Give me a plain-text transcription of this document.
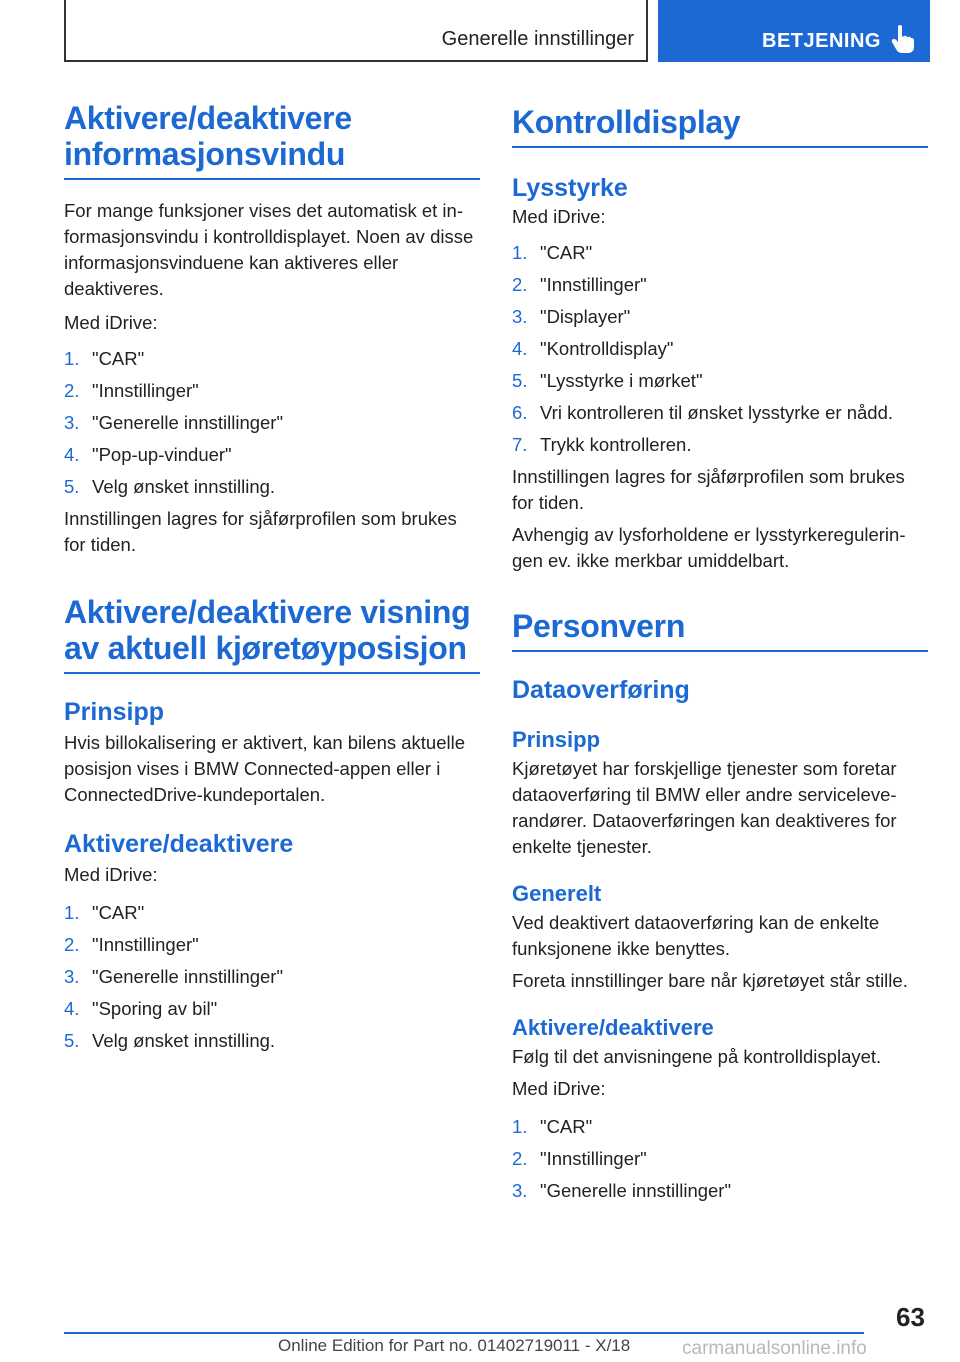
Generelle innstillinger	BETJENING
Aktivere/deaktivere informasjonsvindu

For mange funksjoner vises det automatisk et informasjonsvindu i kontrolldisplayet. Noen av disse informasjonsvinduene kan aktiveres eller deaktiveres.

Med iDrive:

1. "CAR"
2. "Innstillinger"
3. "Generelle innstillinger"
4. "Pop-up-vinduer"
5. Velg ønsket innstilling.

Innstillingen lagres for sjåførprofilen som brukes for tiden.

Aktivere/deaktivere visning av aktuell kjøretøyposisjon
Prinsipp

Hvis billokalisering er aktivert, kan bilens aktuelle posisjon vises i BMW Connected-appen eller i ConnectedDrive-kundeportalen.

Aktivere/deaktivere

Med iDrive:

1. "CAR"
2. "Innstillinger"
3. "Generelle innstillinger"
4. "Sporing av bil"
5. Velg ønsket innstilling.
Kontrolldisplay
Lysstyrke

Med iDrive:

1. "CAR"
2. "Innstillinger"
3. "Displayer"
4. "Kontrolldisplay"
5. "Lysstyrke i mørket"
6. Vri kontrolleren til ønsket lysstyrke er nådd.
7. Trykk kontrolleren.

Innstillingen lagres for sjåførprofilen som brukes for tiden.

Avhengig av lysforholdene er lysstyrkereguleringen ev. ikke merkbar umiddelbart.

Personvern
Dataoverføring
Prinsipp

Kjøretøyet har forskjellige tjenester som foretar dataoverføring til BMW eller andre serviceleverandører. Dataoverføringen kan deaktiveres for enkelte tjenester.

Generelt

Ved deaktivert dataoverføring kan de enkelte funksjonene ikke benyttes.

Foreta innstillinger bare når kjøretøyet står stille.

Aktivere/deaktivere

Følg til det anvisningene på kontrolldisplayet.

Med iDrive:

1. "CAR"
2. "Innstillinger"
3. "Generelle innstillinger"
63
Online Edition for Part no. 01402719011 - X/18	carmanualsonline.info
